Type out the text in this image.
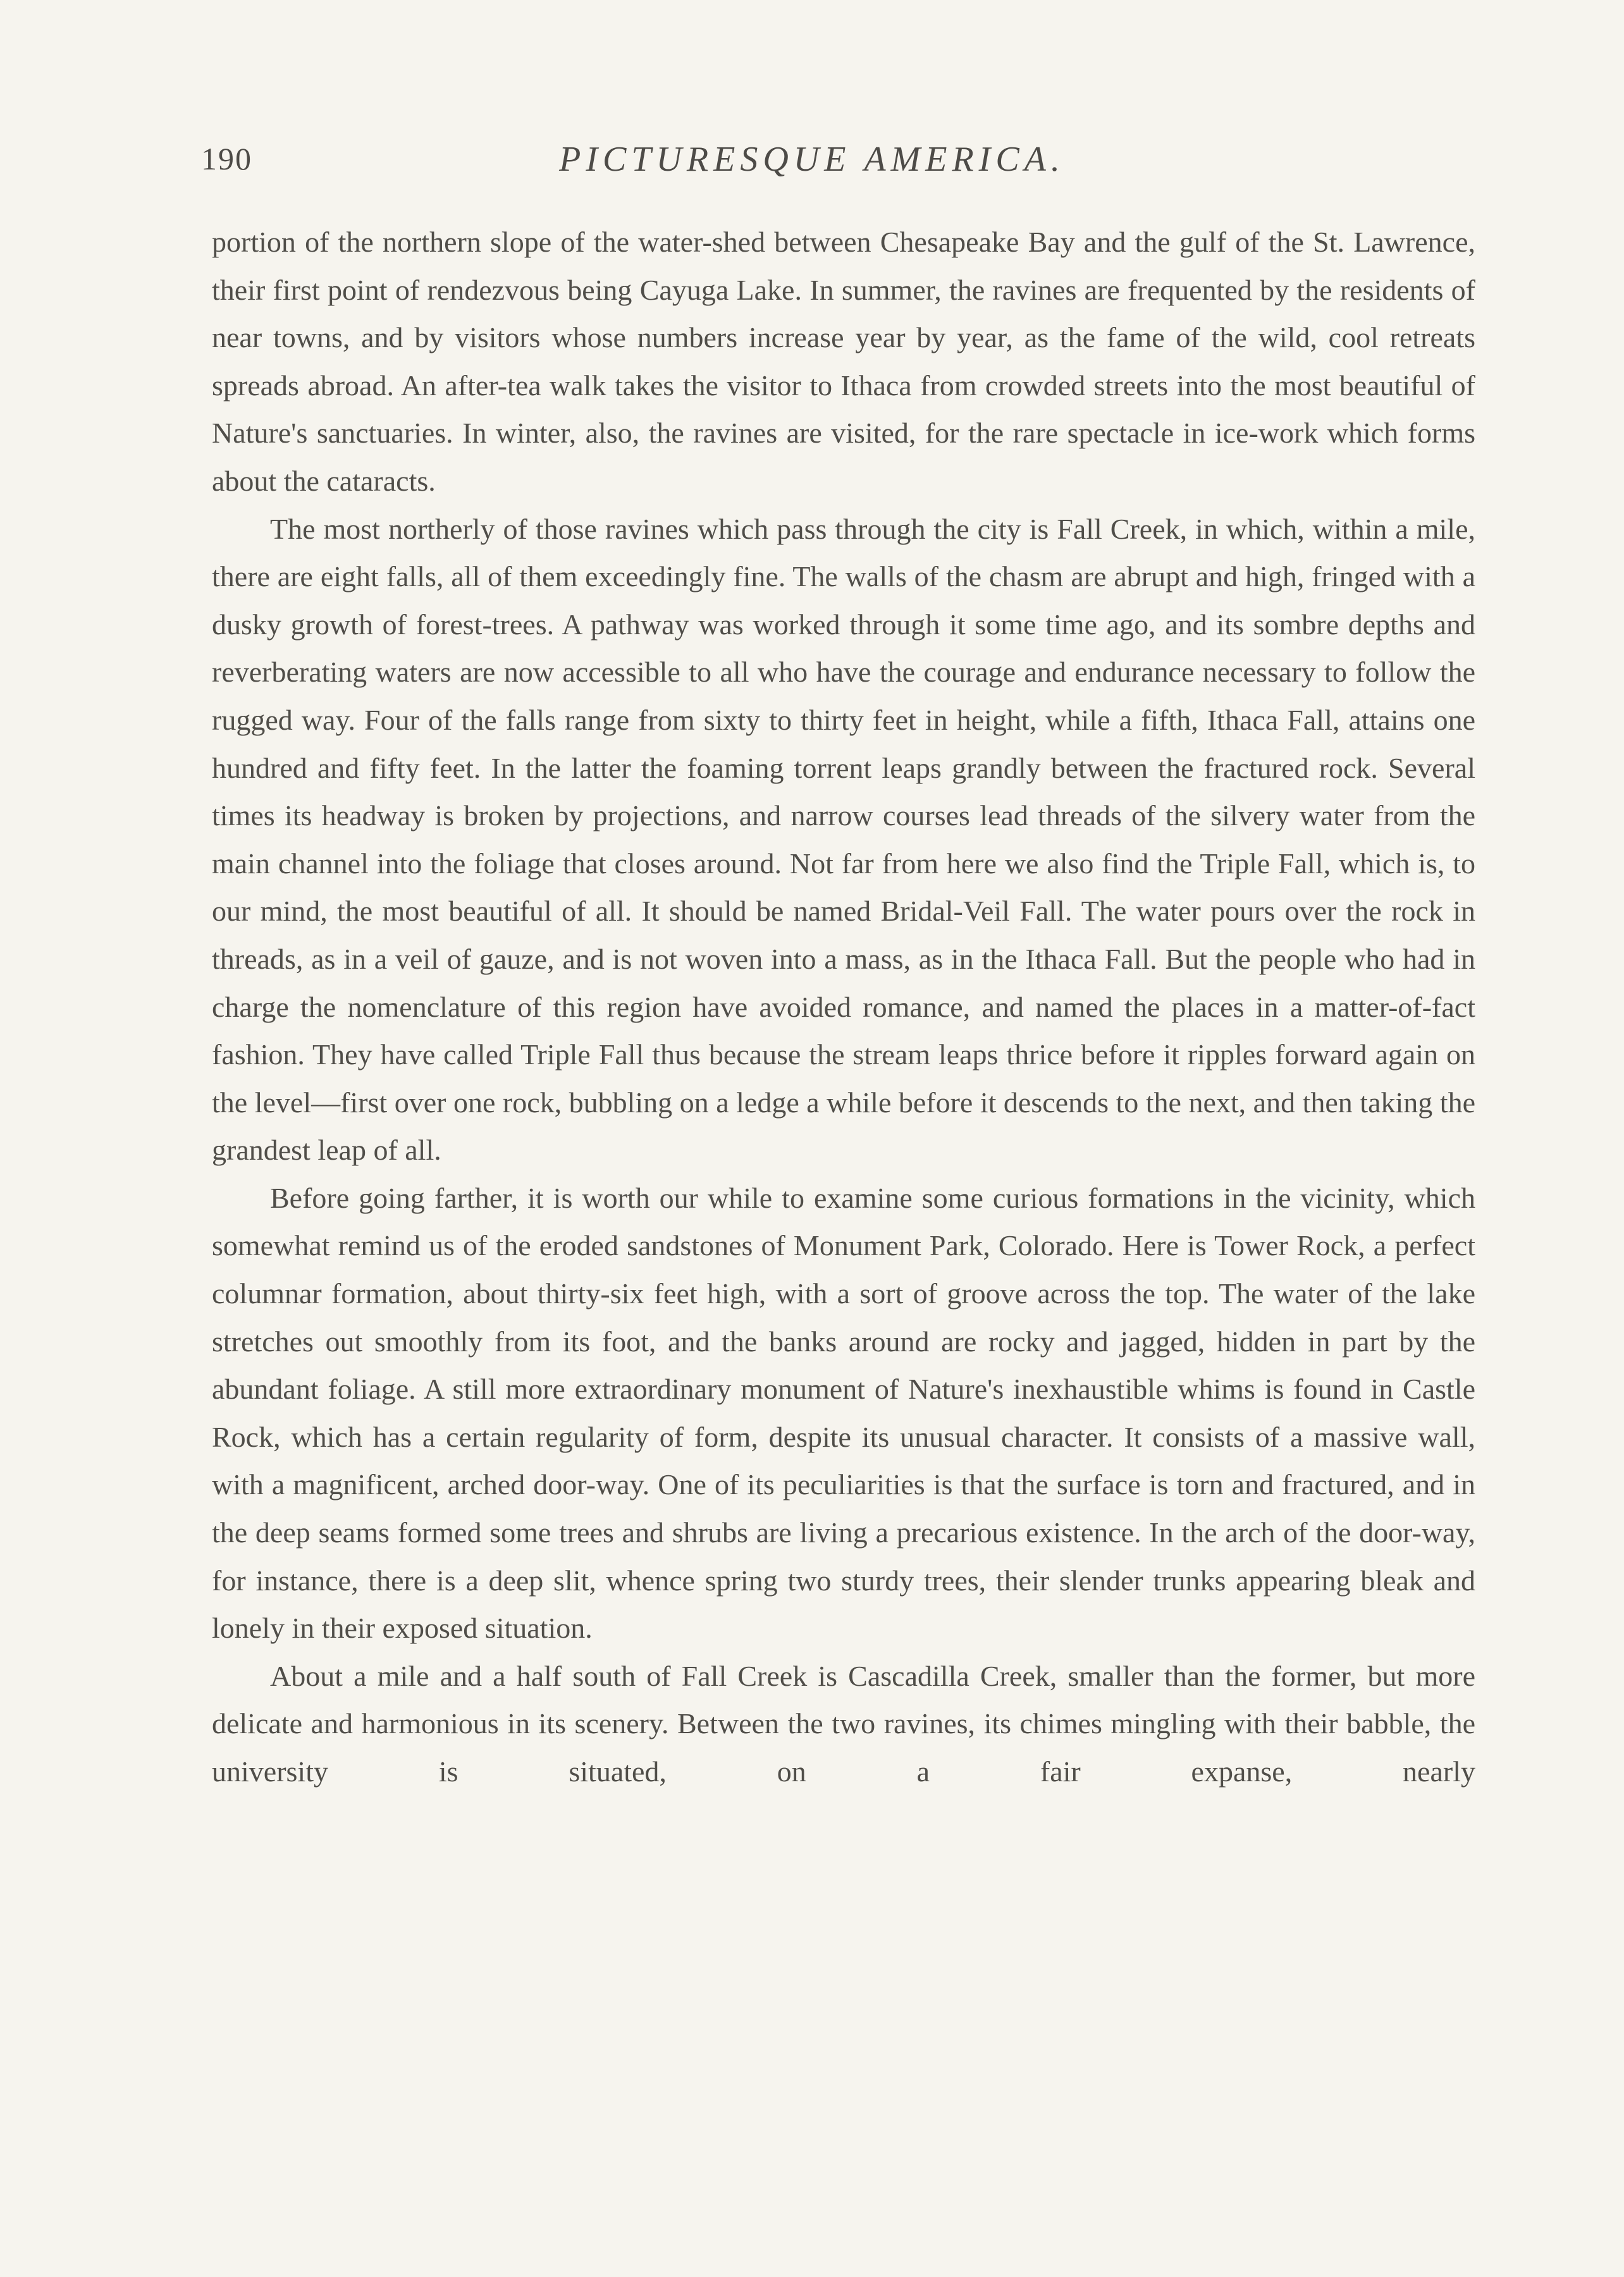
190	PICTURESQUE AMERICA.

portion of the northern slope of the water-shed between Chesapeake Bay and the gulf of the St. Lawrence, their first point of rendezvous being Cayuga Lake. In summer, the ravines are frequented by the residents of near towns, and by visitors whose numbers increase year by year, as the fame of the wild, cool retreats spreads abroad. An after-tea walk takes the visitor to Ithaca from crowded streets into the most beautiful of Nature's sanctuaries. In winter, also, the ravines are visited, for the rare spectacle in ice-work which forms about the cataracts.

The most northerly of those ravines which pass through the city is Fall Creek, in which, within a mile, there are eight falls, all of them exceedingly fine. The walls of the chasm are abrupt and high, fringed with a dusky growth of forest-trees. A pathway was worked through it some time ago, and its sombre depths and reverberating waters are now accessible to all who have the courage and endurance necessary to follow the rugged way. Four of the falls range from sixty to thirty feet in height, while a fifth, Ithaca Fall, attains one hundred and fifty feet. In the latter the foaming torrent leaps grandly between the fractured rock. Several times its headway is broken by projections, and narrow courses lead threads of the silvery water from the main channel into the foliage that closes around. Not far from here we also find the Triple Fall, which is, to our mind, the most beautiful of all. It should be named Bridal-Veil Fall. The water pours over the rock in threads, as in a veil of gauze, and is not woven into a mass, as in the Ithaca Fall. But the people who had in charge the nomenclature of this region have avoided romance, and named the places in a matter-of-fact fashion. They have called Triple Fall thus because the stream leaps thrice before it ripples forward again on the level—first over one rock, bubbling on a ledge a while before it descends to the next, and then taking the grandest leap of all.

Before going farther, it is worth our while to examine some curious formations in the vicinity, which somewhat remind us of the eroded sandstones of Monument Park, Colorado. Here is Tower Rock, a perfect columnar formation, about thirty-six feet high, with a sort of groove across the top. The water of the lake stretches out smoothly from its foot, and the banks around are rocky and jagged, hidden in part by the abundant foliage. A still more extraordinary monument of Nature's inexhaustible whims is found in Castle Rock, which has a certain regularity of form, despite its unusual character. It consists of a massive wall, with a magnificent, arched door-way. One of its peculiarities is that the surface is torn and fractured, and in the deep seams formed some trees and shrubs are living a precarious existence. In the arch of the door-way, for instance, there is a deep slit, whence spring two sturdy trees, their slender trunks appearing bleak and lonely in their exposed situation.

About a mile and a half south of Fall Creek is Cascadilla Creek, smaller than the former, but more delicate and harmonious in its scenery. Between the two ravines, its chimes mingling with their babble, the university is situated, on a fair expanse, nearly
